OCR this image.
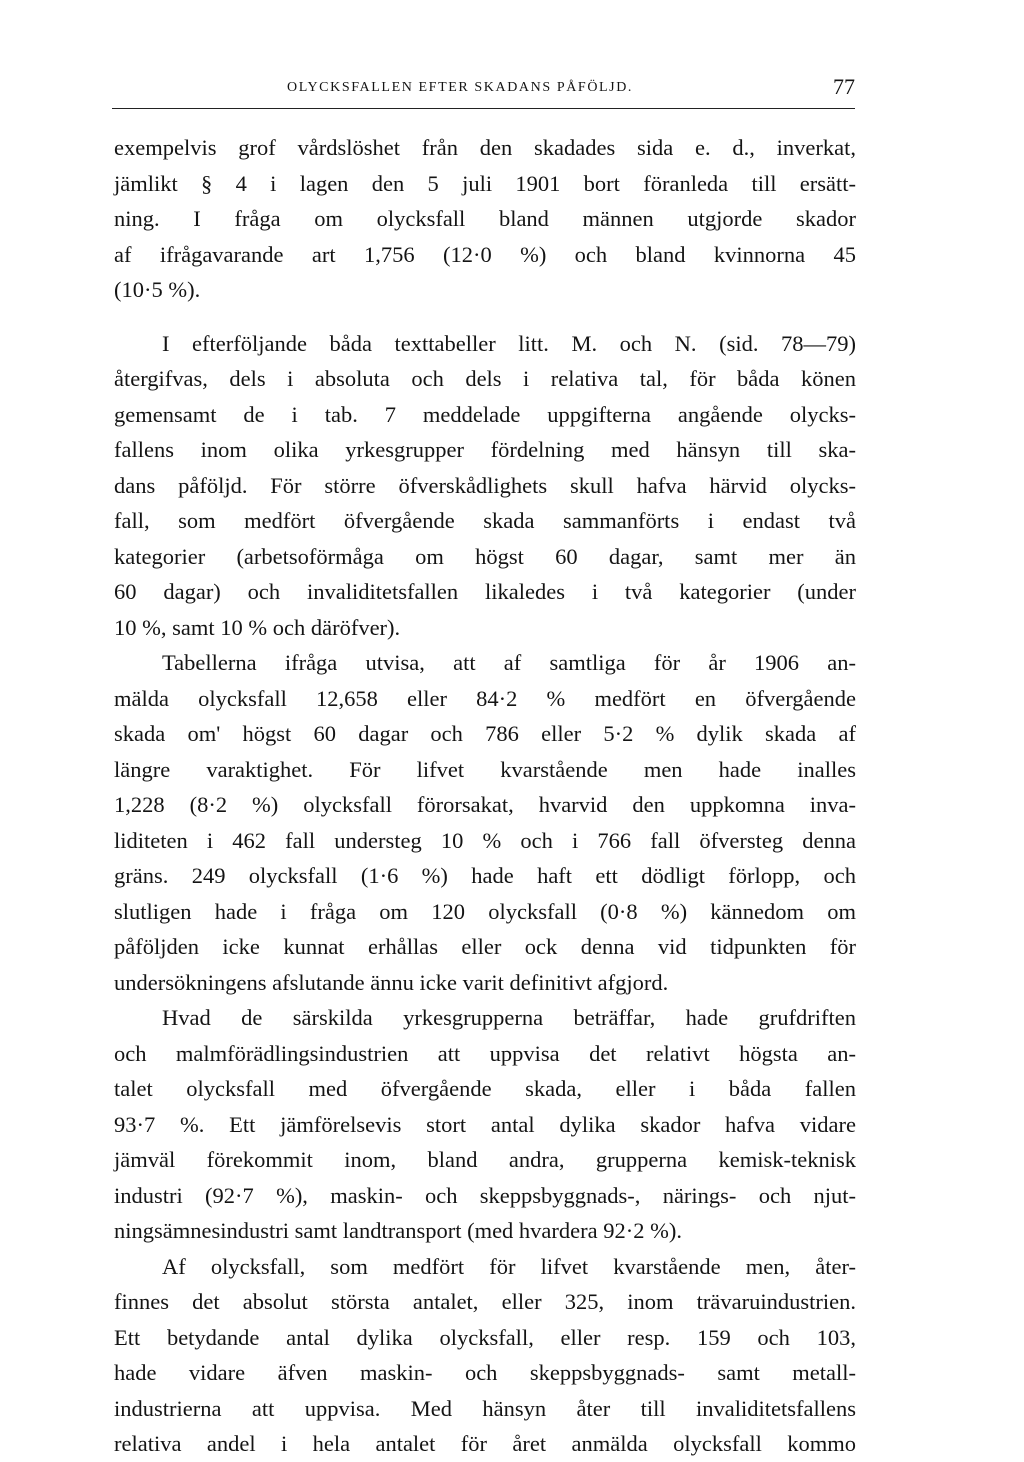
OLYCKSFALLEN EFTER SKADANS PÅFÖLJD.	77
exempelvis grof vårdslöshet från den skadades sida e. d., inverkat,
jämlikt § 4 i lagen den 5 juli 1901 bort föranleda till ersätt-
ning. I fråga om olycksfall bland männen utgjorde skador
af ifrågavarande art 1,756 (12·0 %) och bland kvinnorna 45
(10·5 %).
I efterföljande båda texttabeller litt. M. och N. (sid. 78—79)
återgifvas, dels i absoluta och dels i relativa tal, för båda könen
gemensamt de i tab. 7 meddelade uppgifterna angående olycks-
fallens inom olika yrkesgrupper fördelning med hänsyn till ska-
dans påföljd. För större öfverskådlighets skull hafva härvid olycks-
fall, som medfört öfvergående skada sammanförts i endast två
kategorier (arbetsoförmåga om högst 60 dagar, samt mer än
60 dagar) och invaliditetsfallen likaledes i två kategorier (under
10 %, samt 10 % och däröfver).
Tabellerna ifråga utvisa, att af samtliga för år 1906 an-
mälda olycksfall 12,658 eller 84·2 % medfört en öfvergående
skada om' högst 60 dagar och 786 eller 5·2 % dylik skada af
längre varaktighet. För lifvet kvarstående men hade inalles
1,228 (8·2 %) olycksfall förorsakat, hvarvid den uppkomna inva-
liditeten i 462 fall understeg 10 % och i 766 fall öfversteg denna
gräns. 249 olycksfall (1·6 %) hade haft ett dödligt förlopp, och
slutligen hade i fråga om 120 olycksfall (0·8 %) kännedom om
påföljden icke kunnat erhållas eller ock denna vid tidpunkten för
undersökningens afslutande ännu icke varit definitivt afgjord.
Hvad de särskilda yrkesgrupperna beträffar, hade grufdriften
och malmförädlingsindustrien att uppvisa det relativt högsta an-
talet olycksfall med öfvergående skada, eller i båda fallen
93·7 %. Ett jämförelsevis stort antal dylika skador hafva vidare
jämväl förekommit inom, bland andra, grupperna kemisk-teknisk
industri (92·7 %), maskin- och skeppsbyggnads-, närings- och njut-
ningsämnesindustri samt landtransport (med hvardera 92·2 %).
Af olycksfall, som medfört för lifvet kvarstående men, åter-
finnes det absolut största antalet, eller 325, inom trävaruindustrien.
Ett betydande antal dylika olycksfall, eller resp. 159 och 103,
hade vidare äfven maskin- och skeppsbyggnads- samt metall-
industrierna att uppvisa. Med hänsyn åter till invaliditetsfallens
relativa andel i hela antalet för året anmälda olycksfall kommo
